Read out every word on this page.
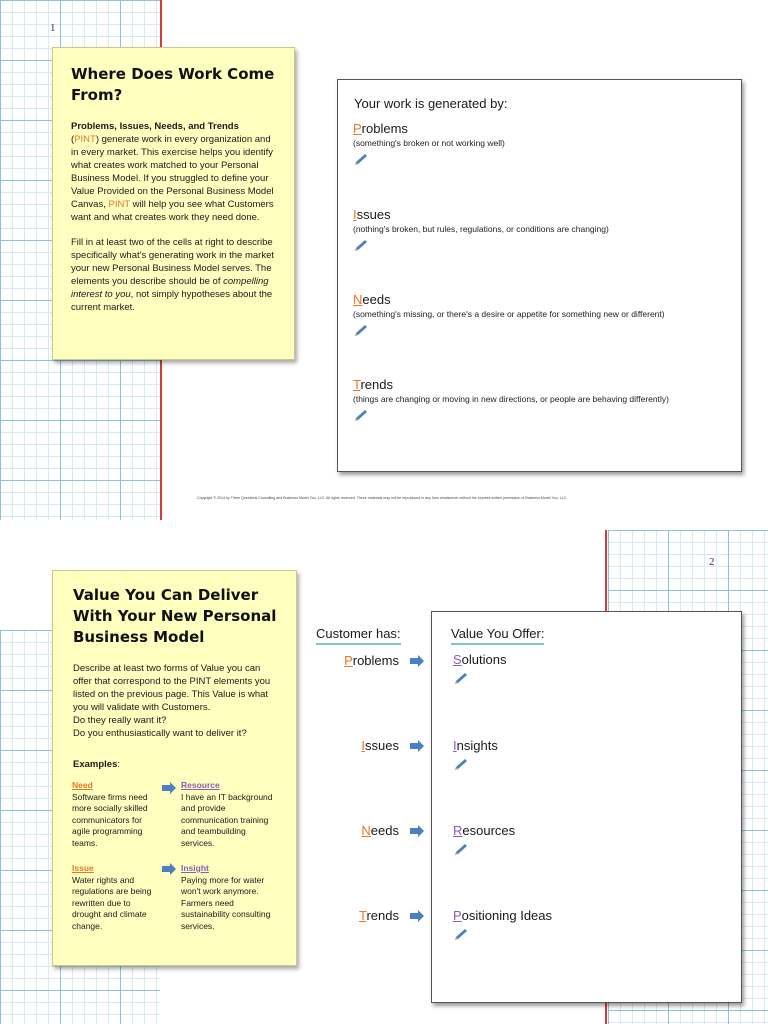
1
Where Does Work Come From?

Problems, Issues, Needs, and Trends
(PINT) generate work in every organization and in every market. This exercise helps you identify what creates work matched to your Personal Business Model. If you struggled to define your Value Provided on the Personal Business Model Canvas, PINT will help you see what Customers want and what creates work they need done.

Fill in at least two of the cells at right to describe specifically what's generating work in the market your new Personal Business Model serves. The elements you describe should be of compelling interest to you, not simply hypotheses about the current market.

Your work is generated by:
Problems
(something's broken or not working well)
Issues
(nothing's broken, but rules, regulations, or conditions are changing)
Needs
(something's missing, or there's a desire or appetite for something new or different)
Trends
(things are changing or moving in new directions, or people are behaving differently)
Copyright © 2014 by Three Questions Consulting and Business Model You, LLC. All rights reserved. These materials may not be reproduced in any form whatsoever without the express written permission of Business Model You, LLC.
2
Value You Can Deliver With Your New Personal Business Model

Describe at least two forms of Value you can offer that correspond to the PINT elements you listed on the previous page. This Value is what you will validate with Customers.

Do they really want it?

Do you enthusiastically want to deliver it?

Examples:

Need
Software firms need more socially skilled communicators for agile programming teams.
Resource
I have an IT background and provide communication training and teambuilding services.
Issue
Water rights and regulations are being rewritten due to drought and climate change.
Insight
Paying more for water won't work anymore. Farmers need sustainability consulting services.
Customer has:	Value You Offer:
Problems	Solutions
Issues	Insights
Needs	Resources
Trends	Positioning Ideas
